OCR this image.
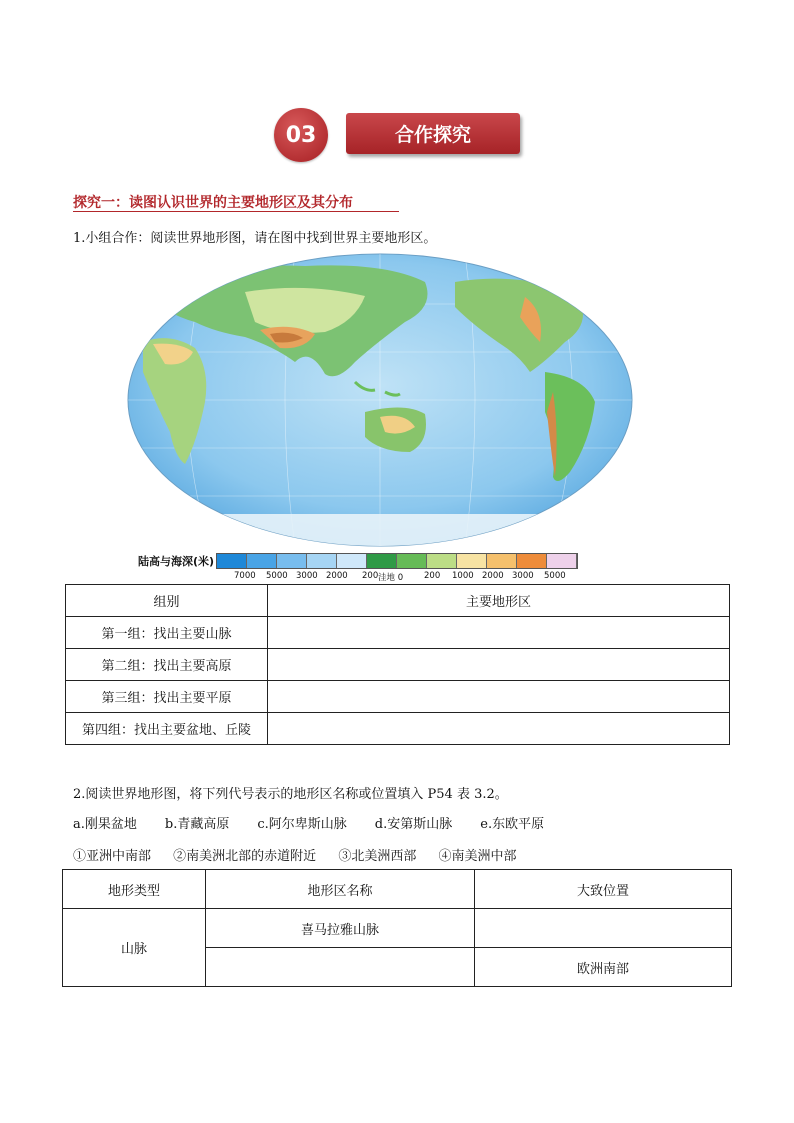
03	合作探究
探究一：读图认识世界的主要地形区及其分布
1.小组合作：阅读世界地形图，请在图中找到世界主要地形区。
陆高与海深(米)
7000 5000 3000 2000 200 洼地 0 200 1000 2000 3000 5000
组别	主要地形区
第一组：找出主要山脉	
第二组：找出主要高原	
第三组：找出主要平原	
第四组：找出主要盆地、丘陵	
2.阅读世界地形图，将下列代号表示的地形区名称或位置填入 P54 表 3.2。
a.刚果盆地 b.青藏高原 c.阿尔卑斯山脉 d.安第斯山脉 e.东欧平原
①亚洲中南部 ②南美洲北部的赤道附近 ③北美洲西部 ④南美洲中部
地形类型	地形区名称	大致位置
山脉	喜马拉雅山脉	
		欧洲南部
